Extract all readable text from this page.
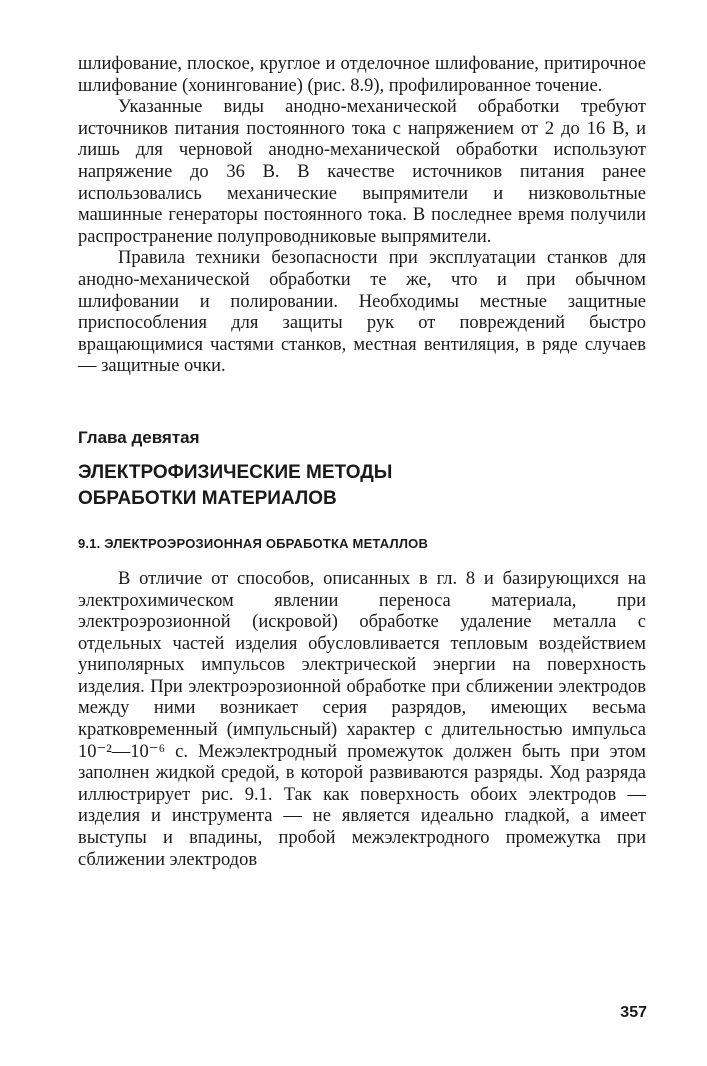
шлифование, плоское, круглое и отделочное шлифование, притирочное шлифование (хонингование) (рис. 8.9), профилированное точение.

Указанные виды анодно-механической обработки требуют источников питания постоянного тока с напряжением от 2 до 16 В, и лишь для черновой анодно-механической обработки используют напряжение до 36 В. В качестве источников питания ранее использовались механические выпрямители и низковольтные машинные генераторы постоянного тока. В последнее время получили распространение полупроводниковые выпрямители.

Правила техники безопасности при эксплуатации станков для анодно-механической обработки те же, что и при обычном шлифовании и полировании. Необходимы местные защитные приспособления для защиты рук от повреждений быстро вращающимися частями станков, местная вентиляция, в ряде случаев — защитные очки.

Глава девятая

ЭЛЕКТРОФИЗИЧЕСКИЕ МЕТОДЫ

ОБРАБОТКИ МАТЕРИАЛОВ

9.1. ЭЛЕКТРОЭРОЗИОННАЯ ОБРАБОТКА МЕТАЛЛОВ

В отличие от способов, описанных в гл. 8 и базирующихся на электрохимическом явлении переноса материала, при электроэрозионной (искровой) обработке удаление металла с отдельных частей изделия обусловливается тепловым воздействием униполярных импульсов электрической энергии на поверхность изделия. При электроэрозионной обработке при сближении электродов между ними возникает серия разрядов, имеющих весьма кратковременный (импульсный) характер с длительностью импульса 10⁻²—10⁻⁶ с. Межэлектродный промежуток должен быть при этом заполнен жидкой средой, в которой развиваются разряды. Ход разряда иллюстрирует рис. 9.1. Так как поверхность обоих электродов — изделия и инструмента — не является идеально гладкой, а имеет выступы и впадины, пробой межэлектродного промежутка при сближении электродов

357
